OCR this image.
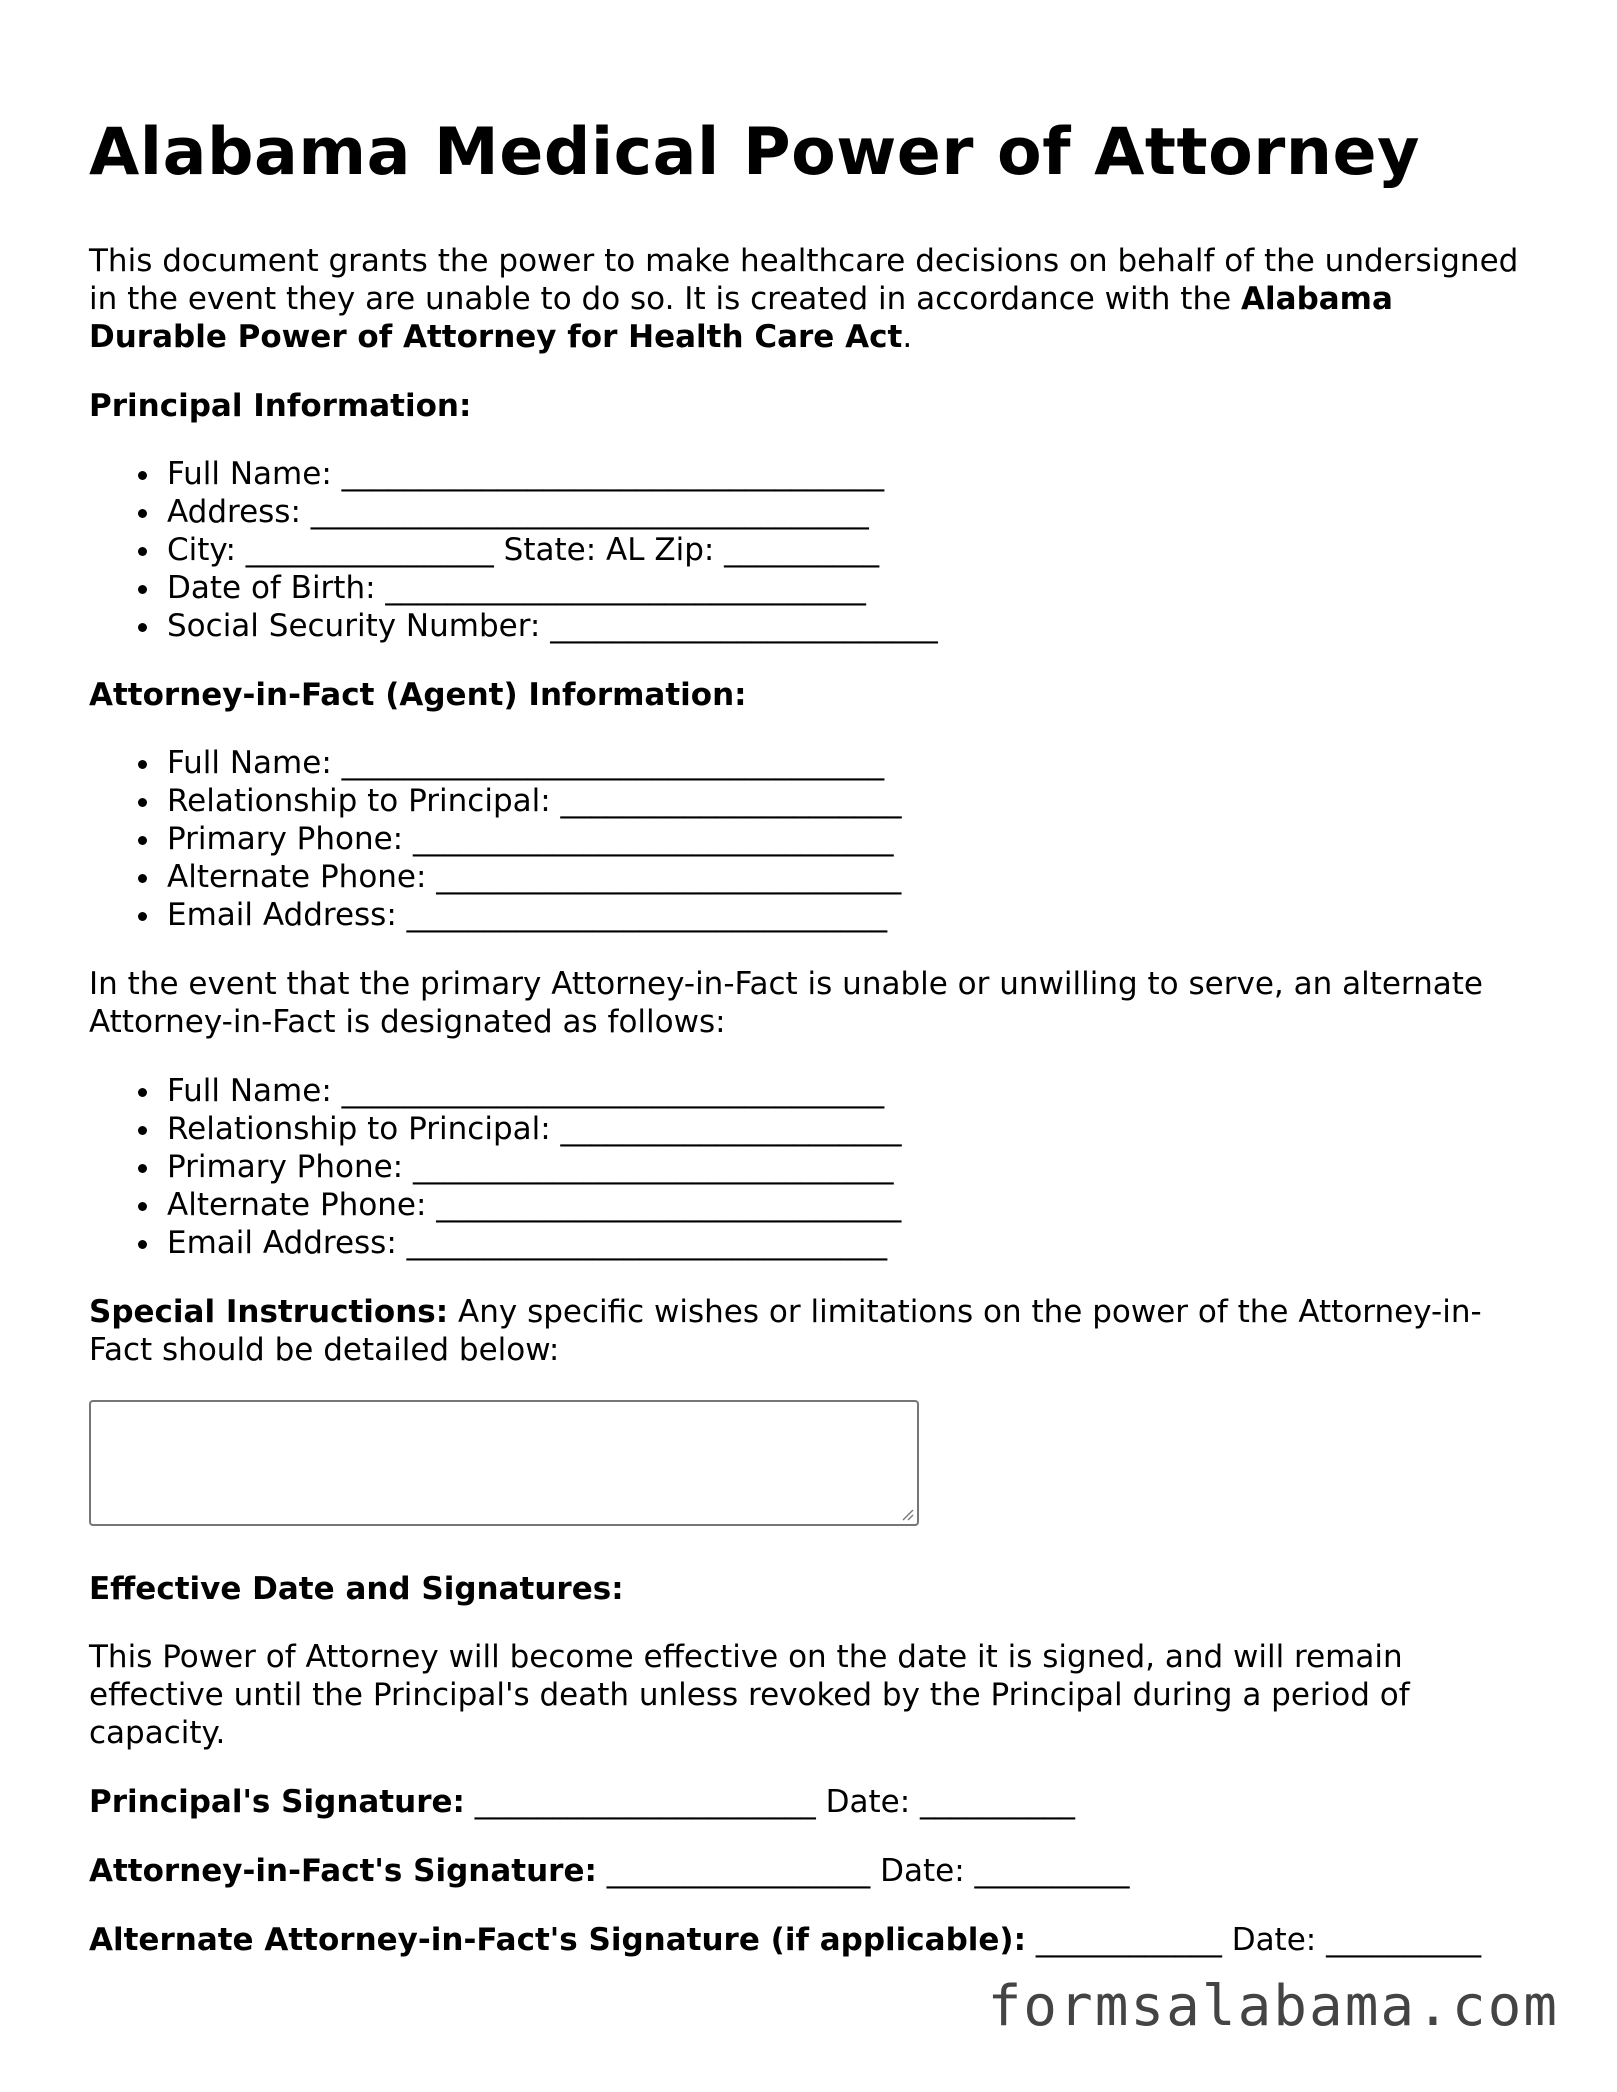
Alabama Medical Power of Attorney

This document grants the power to make healthcare decisions on behalf of the undersigned in the event they are unable to do so. It is created in accordance with the Alabama Durable Power of Attorney for Health Care Act.

Principal Information:
Full Name: ___________________________________
Address: ____________________________________
City: ________________ State: AL Zip: __________
Date of Birth: _______________________________
Social Security Number: _________________________
Attorney-in-Fact (Agent) Information:
Full Name: ___________________________________
Relationship to Principal: ______________________
Primary Phone: _______________________________
Alternate Phone: ______________________________
Email Address: _______________________________

In the event that the primary Attorney-in-Fact is unable or unwilling to serve, an alternate Attorney-in-Fact is designated as follows:

Full Name: ___________________________________
Relationship to Principal: ______________________
Primary Phone: _______________________________
Alternate Phone: ______________________________
Email Address: _______________________________

Special Instructions: Any specific wishes or limitations on the power of the Attorney-in-Fact should be detailed below:

Effective Date and Signatures:

This Power of Attorney will become effective on the date it is signed, and will remain effective until the Principal's death unless revoked by the Principal during a period of capacity.

Principal's Signature: ______________________ Date: __________
Attorney-in-Fact's Signature: _________________ Date: __________
Alternate Attorney-in-Fact's Signature (if applicable): ____________ Date: __________
formsalabama.com
